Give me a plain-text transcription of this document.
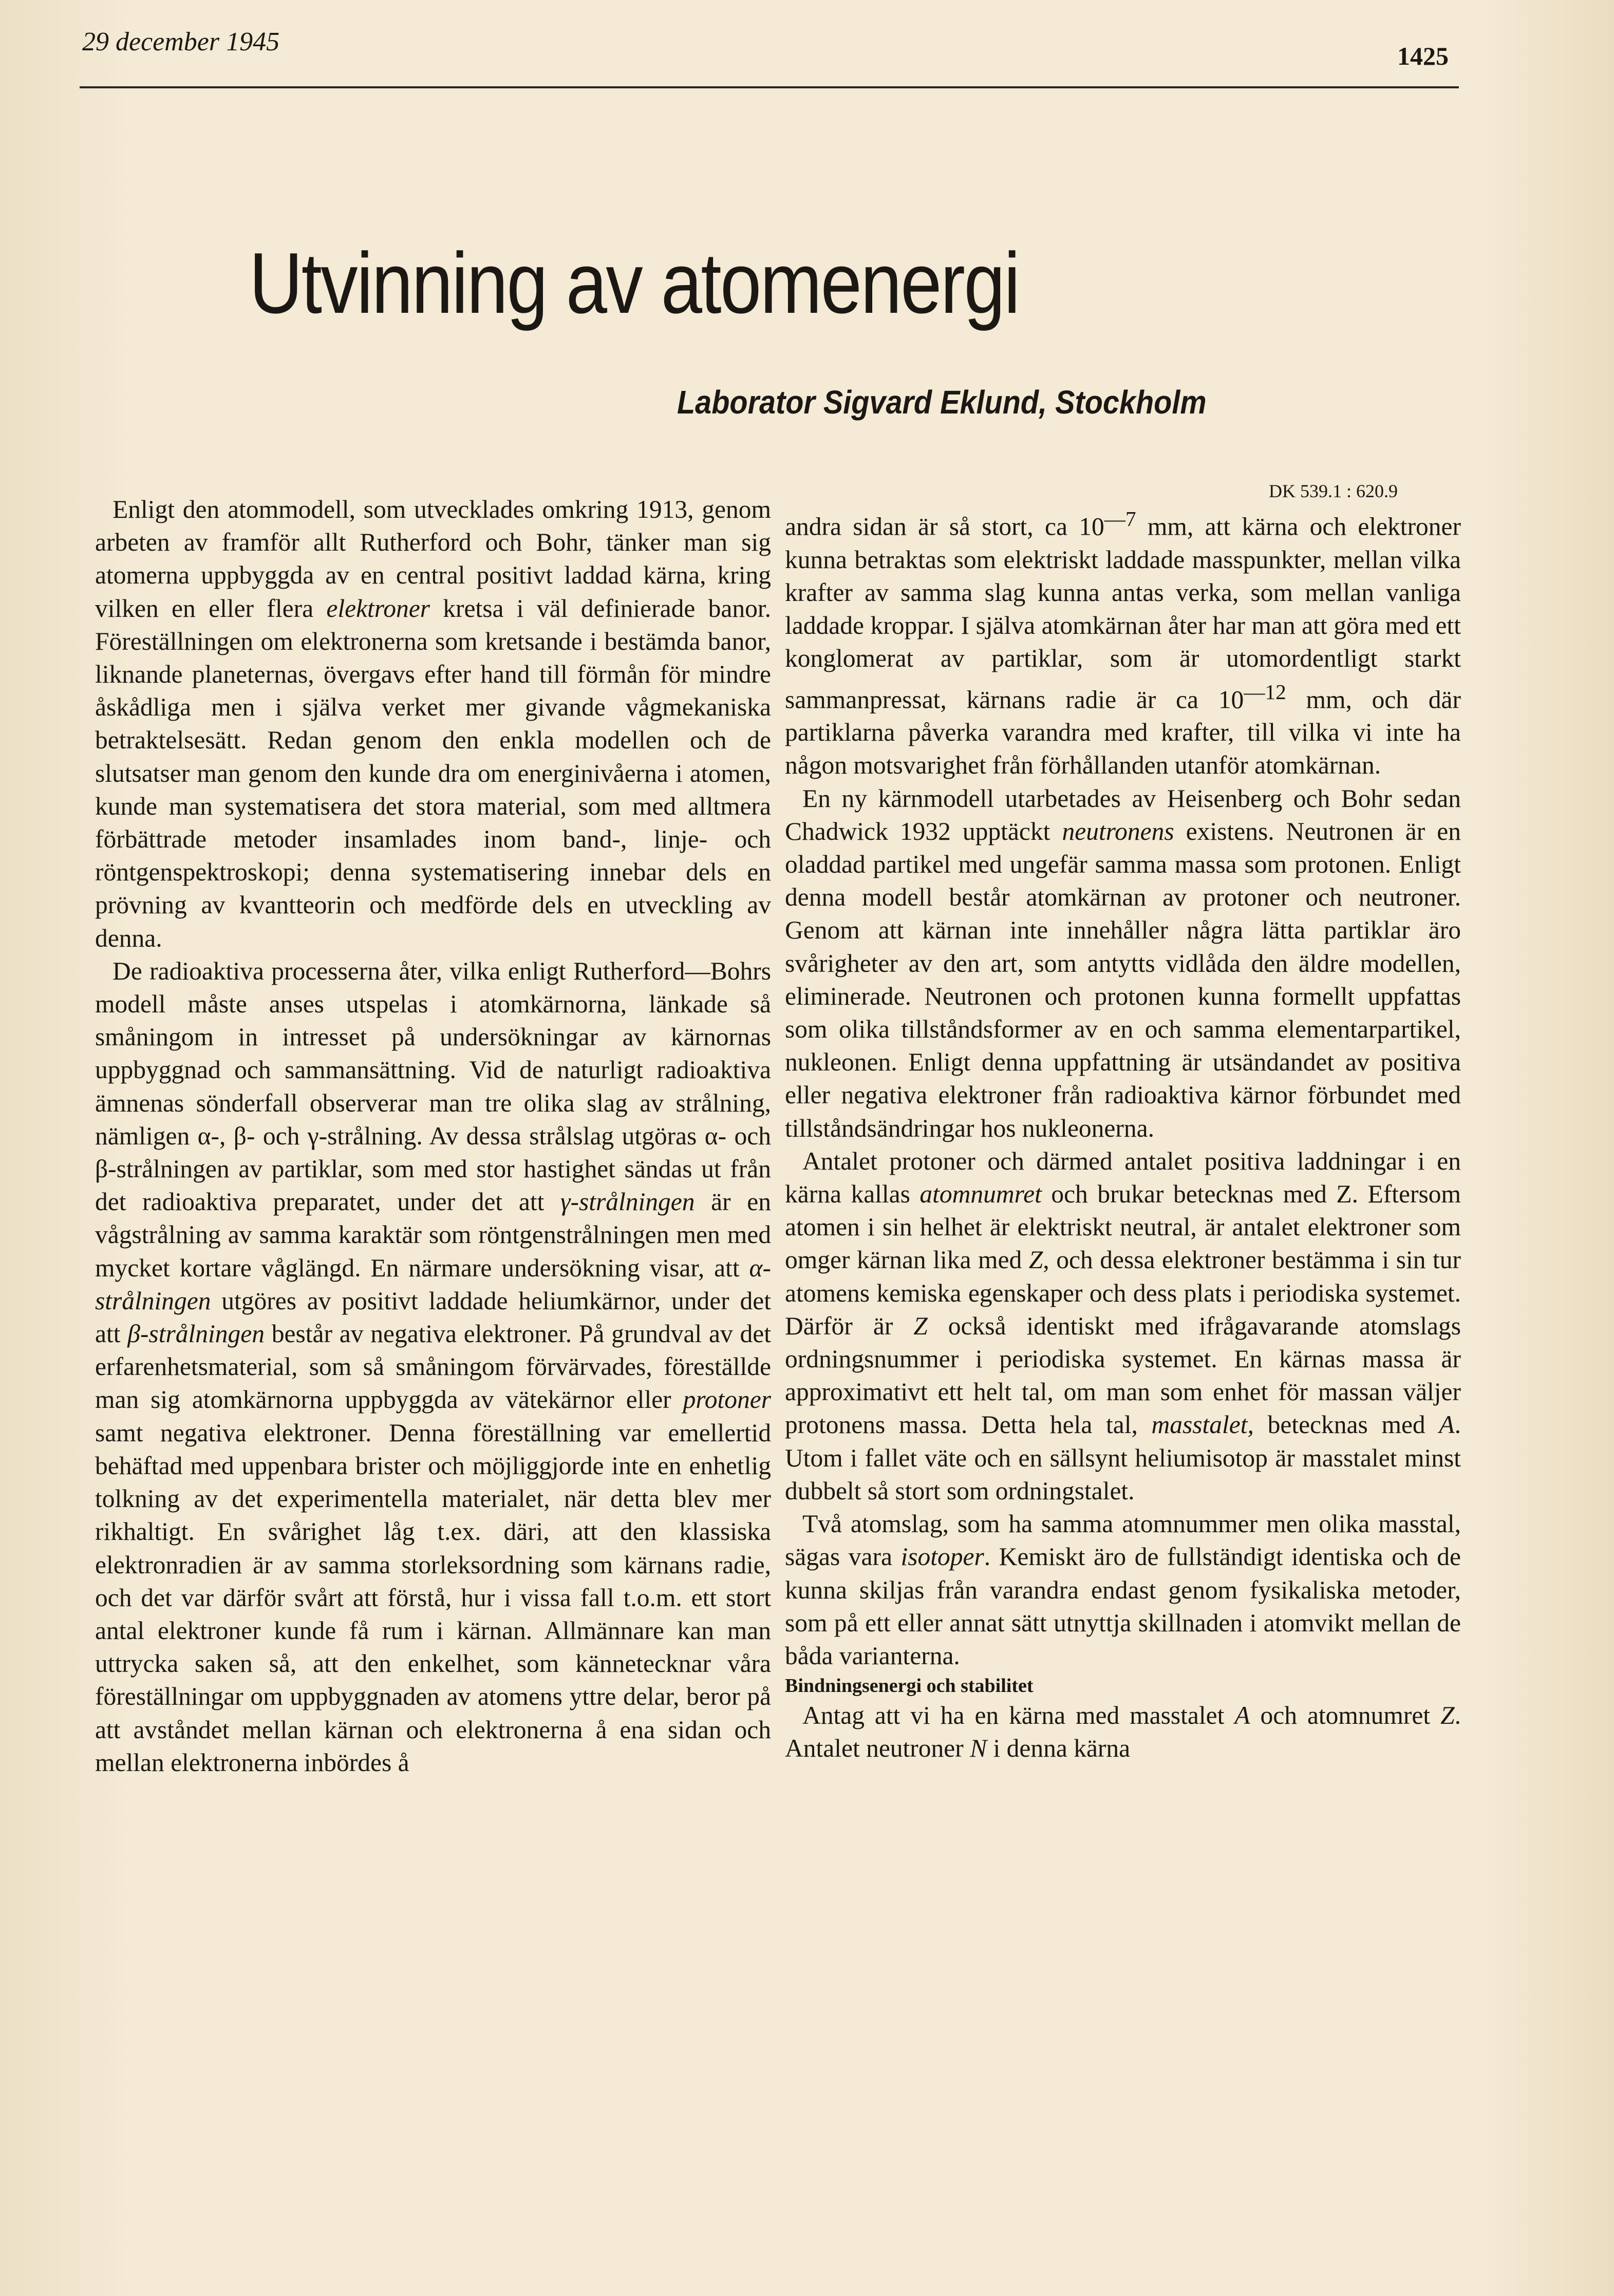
29 december 1945	1425
Utvinning av atomenergi
Laborator Sigvard Eklund, Stockholm
DK 539.1 : 620.9

Enligt den atommodell, som utvecklades omkring 1913, genom arbeten av framför allt Rutherford och Bohr, tänker man sig atomerna uppbyggda av en central positivt laddad kärna, kring vilken en eller flera elektroner kretsa i väl definierade banor. Föreställningen om elektronerna som kretsande i bestämda banor, liknande planeternas, övergavs efter hand till förmån för mindre åskådliga men i själva verket mer givande vågmekaniska betraktelsesätt. Redan genom den enkla modellen och de slutsatser man genom den kunde dra om energinivåerna i atomen, kunde man systematisera det stora material, som med alltmera förbättrade metoder insamlades inom band-, linje- och röntgenspektroskopi; denna systematisering innebar dels en prövning av kvantteorin och medförde dels en utveckling av denna.

De radioaktiva processerna åter, vilka enligt Rutherford—Bohrs modell måste anses utspelas i atomkärnorna, länkade så småningom in intresset på undersökningar av kärnornas uppbyggnad och sammansättning. Vid de naturligt radioaktiva ämnenas sönderfall observerar man tre olika slag av strålning, nämligen α-, β- och γ-strålning. Av dessa strålslag utgöras α- och β-strålningen av partiklar, som med stor hastighet sändas ut från det radioaktiva preparatet, under det att γ-strålningen är en vågstrålning av samma karaktär som röntgenstrålningen men med mycket kortare våglängd. En närmare undersökning visar, att α-strålningen utgöres av positivt laddade heliumkärnor, under det att β-strålningen består av negativa elektroner. På grundval av det erfarenhetsmaterial, som så småningom förvärvades, föreställde man sig atomkärnorna uppbyggda av vätekärnor eller protoner samt negativa elektroner. Denna föreställning var emellertid behäftad med uppenbara brister och möjliggjorde inte en enhetlig tolkning av det experimentella materialet, när detta blev mer rikhaltigt. En svårighet låg t.ex. däri, att den klassiska elektronradien är av samma storleksordning som kärnans radie, och det var därför svårt att förstå, hur i vissa fall t.o.m. ett stort antal elektroner kunde få rum i kärnan. Allmännare kan man uttrycka saken så, att den enkelhet, som kännetecknar våra föreställningar om uppbyggnaden av atomens yttre delar, beror på att avståndet mellan kärnan och elektronerna å ena sidan och mellan elektronerna inbördes å

andra sidan är så stort, ca $10^{—7}$ mm, att kärna och elektroner kunna betraktas som elektriskt laddade masspunkter, mellan vilka krafter av samma slag kunna antas verka, som mellan vanliga laddade kroppar. I själva atomkärnan åter har man att göra med ett konglomerat av partiklar, som är utomordentligt starkt sammanpressat, kärnans radie är ca $10^{—12}$ mm, och där partiklarna påverka varandra med krafter, till vilka vi inte ha någon motsvarighet från förhållanden utanför atomkärnan.

En ny kärnmodell utarbetades av Heisenberg och Bohr sedan Chadwick 1932 upptäckt neutronens existens. Neutronen är en oladdad partikel med ungefär samma massa som protonen. Enligt denna modell består atomkärnan av protoner och neutroner. Genom att kärnan inte innehåller några lätta partiklar äro svårigheter av den art, som antytts vidlåda den äldre modellen, eliminerade. Neutronen och protonen kunna formellt uppfattas som olika tillståndsformer av en och samma elementarpartikel, nukleonen. Enligt denna uppfattning är utsändandet av positiva eller negativa elektroner från radioaktiva kärnor förbundet med tillståndsändringar hos nukleonerna.

Antalet protoner och därmed antalet positiva laddningar i en kärna kallas atomnumret och brukar betecknas med Z. Eftersom atomen i sin helhet är elektriskt neutral, är antalet elektroner som omger kärnan lika med Z, och dessa elektroner bestämma i sin tur atomens kemiska egenskaper och dess plats i periodiska systemet. Därför är Z också identiskt med ifrågavarande atomslags ordningsnummer i periodiska systemet. En kärnas massa är approximativt ett helt tal, om man som enhet för massan väljer protonens massa. Detta hela tal, masstalet, betecknas med A. Utom i fallet väte och en sällsynt heliumisotop är masstalet minst dubbelt så stort som ordningstalet.

Två atomslag, som ha samma atomnummer men olika masstal, sägas vara isotoper. Kemiskt äro de fullständigt identiska och de kunna skiljas från varandra endast genom fysikaliska metoder, som på ett eller annat sätt utnyttja skillnaden i atomvikt mellan de båda varianterna.

Bindningsenergi och stabilitet

Antag att vi ha en kärna med masstalet A och atomnumret Z. Antalet neutroner N i denna kärna
